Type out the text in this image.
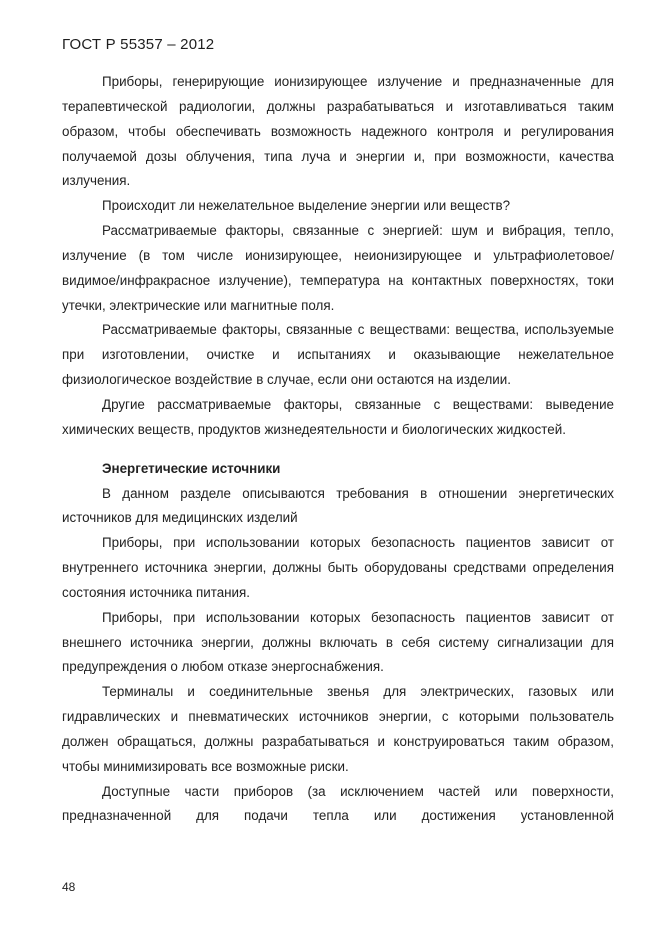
ГОСТ Р 55357 – 2012

Приборы, генерирующие ионизирующее излучение и предназначенные для терапевтической радиологии, должны разрабатываться и изготавливаться таким образом, чтобы обеспечивать возможность надежного контроля и регулирования получаемой дозы облучения, типа луча и энергии и, при возможности, качества излучения.

Происходит ли нежелательное выделение энергии или веществ?

Рассматриваемые факторы, связанные с энергией: шум и вибрация, тепло, излучение (в том числе ионизирующее, неионизирующее и ультрафиолетовое/видимое/инфракрасное излучение), температура на контактных поверхностях, токи утечки, электрические или магнитные поля.

Рассматриваемые факторы, связанные с веществами: вещества, используемые при изготовлении, очистке и испытаниях и оказывающие нежелательное физиологическое воздействие в случае, если они остаются на изделии.

Другие рассматриваемые факторы, связанные с веществами: выведение химических веществ, продуктов жизнедеятельности и биологических жидкостей.

Энергетические источники

В данном разделе описываются требования в отношении энергетических источников для медицинских изделий

Приборы, при использовании которых безопасность пациентов зависит от внутреннего источника энергии, должны быть оборудованы средствами определения состояния источника питания.

Приборы, при использовании которых безопасность пациентов зависит от внешнего источника энергии, должны включать в себя систему сигнализации для предупреждения о любом отказе энергоснабжения.

Терминалы и соединительные звенья для электрических, газовых или гидравлических и пневматических источников энергии, с которыми пользователь должен обращаться, должны разрабатываться и конструироваться таким образом, чтобы минимизировать все возможные риски.

Доступные части приборов (за исключением частей или поверхности, предназначенной для подачи тепла или достижения установленной

48
